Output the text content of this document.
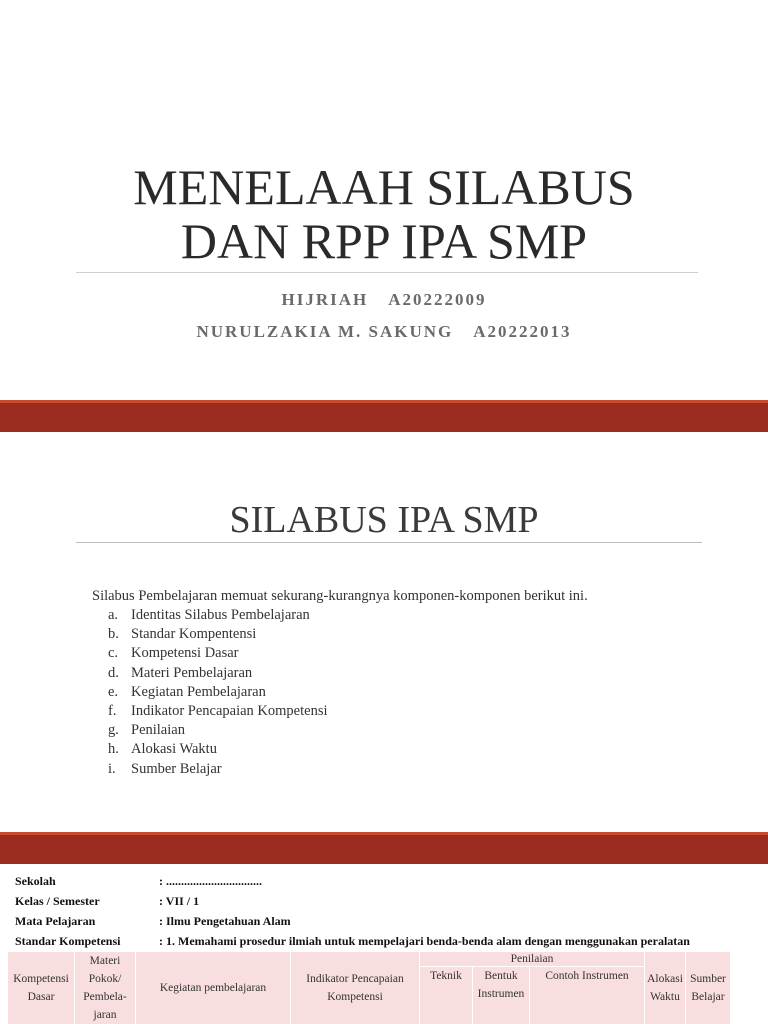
MENELAAH SILABUS
DAN RPP IPA SMP
HIJRIAH A20222009
NURULZAKIA M. SAKUNG A20222013
SILABUS IPA SMP
Silabus Pembelajaran memuat sekurang-kurangnya komponen-komponen berikut ini.
a. Identitas Silabus Pembelajaran
b. Standar Kompentensi
c. Kompetensi Dasar
d. Materi Pembelajaran
e. Kegiatan Pembelajaran
f. Indikator Pencapaian Kompetensi
g. Penilaian
h. Alokasi Waktu
i. Sumber Belajar
Sekolah	: ................................
Kelas / Semester	: VII / 1
Mata Pelajaran	: Ilmu Pengetahuan Alam
Standar Kompetensi	: 1. Memahami prosedur ilmiah untuk mempelajari benda-benda alam dengan menggunakan peralatan
Kompetensi Dasar	Materi Pokok/ Pembela- jaran	Kegiatan pembelajaran	Indikator Pencapaian Kompetensi	Penilaian			Alokasi Waktu	Sumber Belajar
				Teknik	Bentuk Instrumen	Contoh Instrumen		
